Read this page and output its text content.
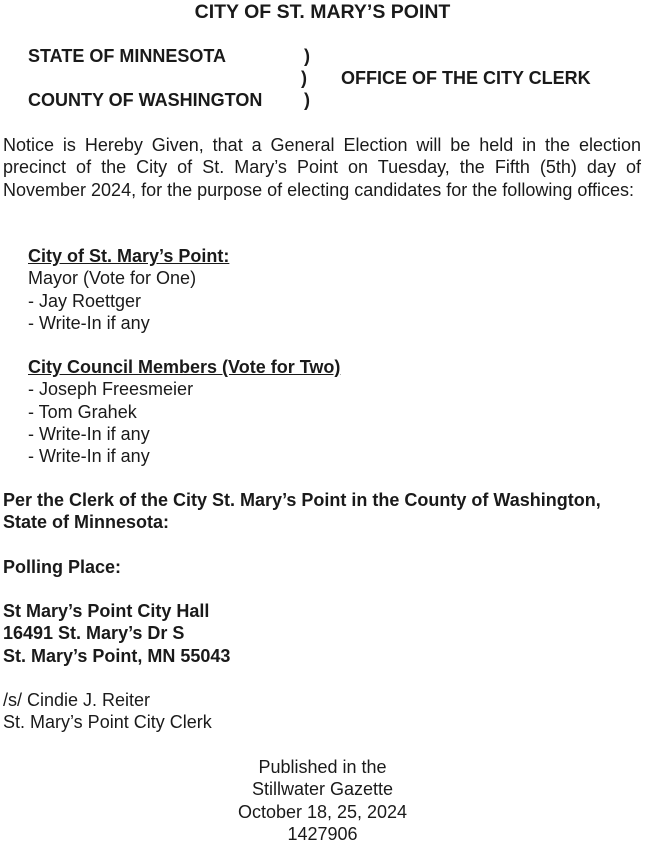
CITY OF ST. MARY’S POINT
STATE OF MINNESOTA	)
) OFFICE OF THE CITY CLERK
COUNTY OF WASHINGTON )

Notice is Hereby Given, that a General Election will be held in the election precinct of the City of St. Mary’s Point on Tuesday, the Fifth (5th) day of November 2024, for the purpose of electing candidates for the following offices:

City of St. Mary’s Point:
Mayor (Vote for One)
- Jay Roettger
- Write-In if any
City Council Members (Vote for Two)
- Joseph Freesmeier
- Tom Grahek
- Write-In if any
- Write-In if any
Per the Clerk of the City St. Mary’s Point in the County of Washington,
State of Minnesota:
Polling Place:
St Mary’s Point City Hall
16491 St. Mary’s Dr S
St. Mary’s Point, MN 55043
/s/ Cindie J. Reiter
St. Mary’s Point City Clerk
Published in the
Stillwater Gazette
October 18, 25, 2024
1427906
